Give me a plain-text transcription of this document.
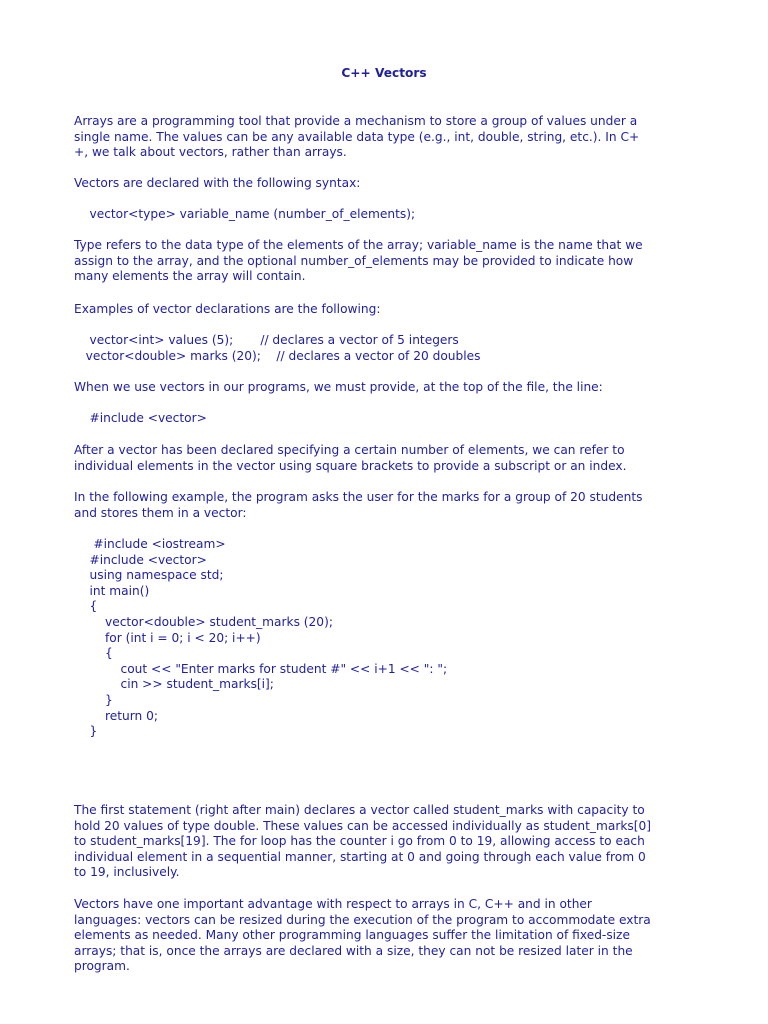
C++ Vectors
Arrays are a programming tool that provide a mechanism to store a group of values under a
single name. The values can be any available data type (e.g., int, double, string, etc.). In C+
+, we talk about vectors, rather than arrays.
Vectors are declared with the following syntax:
vector<type> variable_name (number_of_elements);
Type refers to the data type of the elements of the array; variable_name is the name that we
assign to the array, and the optional number_of_elements may be provided to indicate how
many elements the array will contain.
Examples of vector declarations are the following:
vector<int> values (5);       // declares a vector of 5 integers
vector<double> marks (20);    // declares a vector of 20 doubles
When we use vectors in our programs, we must provide, at the top of the file, the line:
#include <vector>
After a vector has been declared specifying a certain number of elements, we can refer to
individual elements in the vector using square brackets to provide a subscript or an index.
In the following example, the program asks the user for the marks for a group of 20 students
and stores them in a vector:
#include <iostream>
#include <vector>
using namespace std;
int main()
{
vector<double> student_marks (20);
for (int i = 0; i < 20; i++)
{
cout << "Enter marks for student #" << i+1 << ": ";
cin >> student_marks[i];
}
return 0;
}
The first statement (right after main) declares a vector called student_marks with capacity to
hold 20 values of type double. These values can be accessed individually as student_marks[0]
to student_marks[19]. The for loop has the counter i go from 0 to 19, allowing access to each
individual element in a sequential manner, starting at 0 and going through each value from 0
to 19, inclusively.
Vectors have one important advantage with respect to arrays in C, C++ and in other
languages: vectors can be resized during the execution of the program to accommodate extra
elements as needed. Many other programming languages suffer the limitation of fixed-size
arrays; that is, once the arrays are declared with a size, they can not be resized later in the
program.
